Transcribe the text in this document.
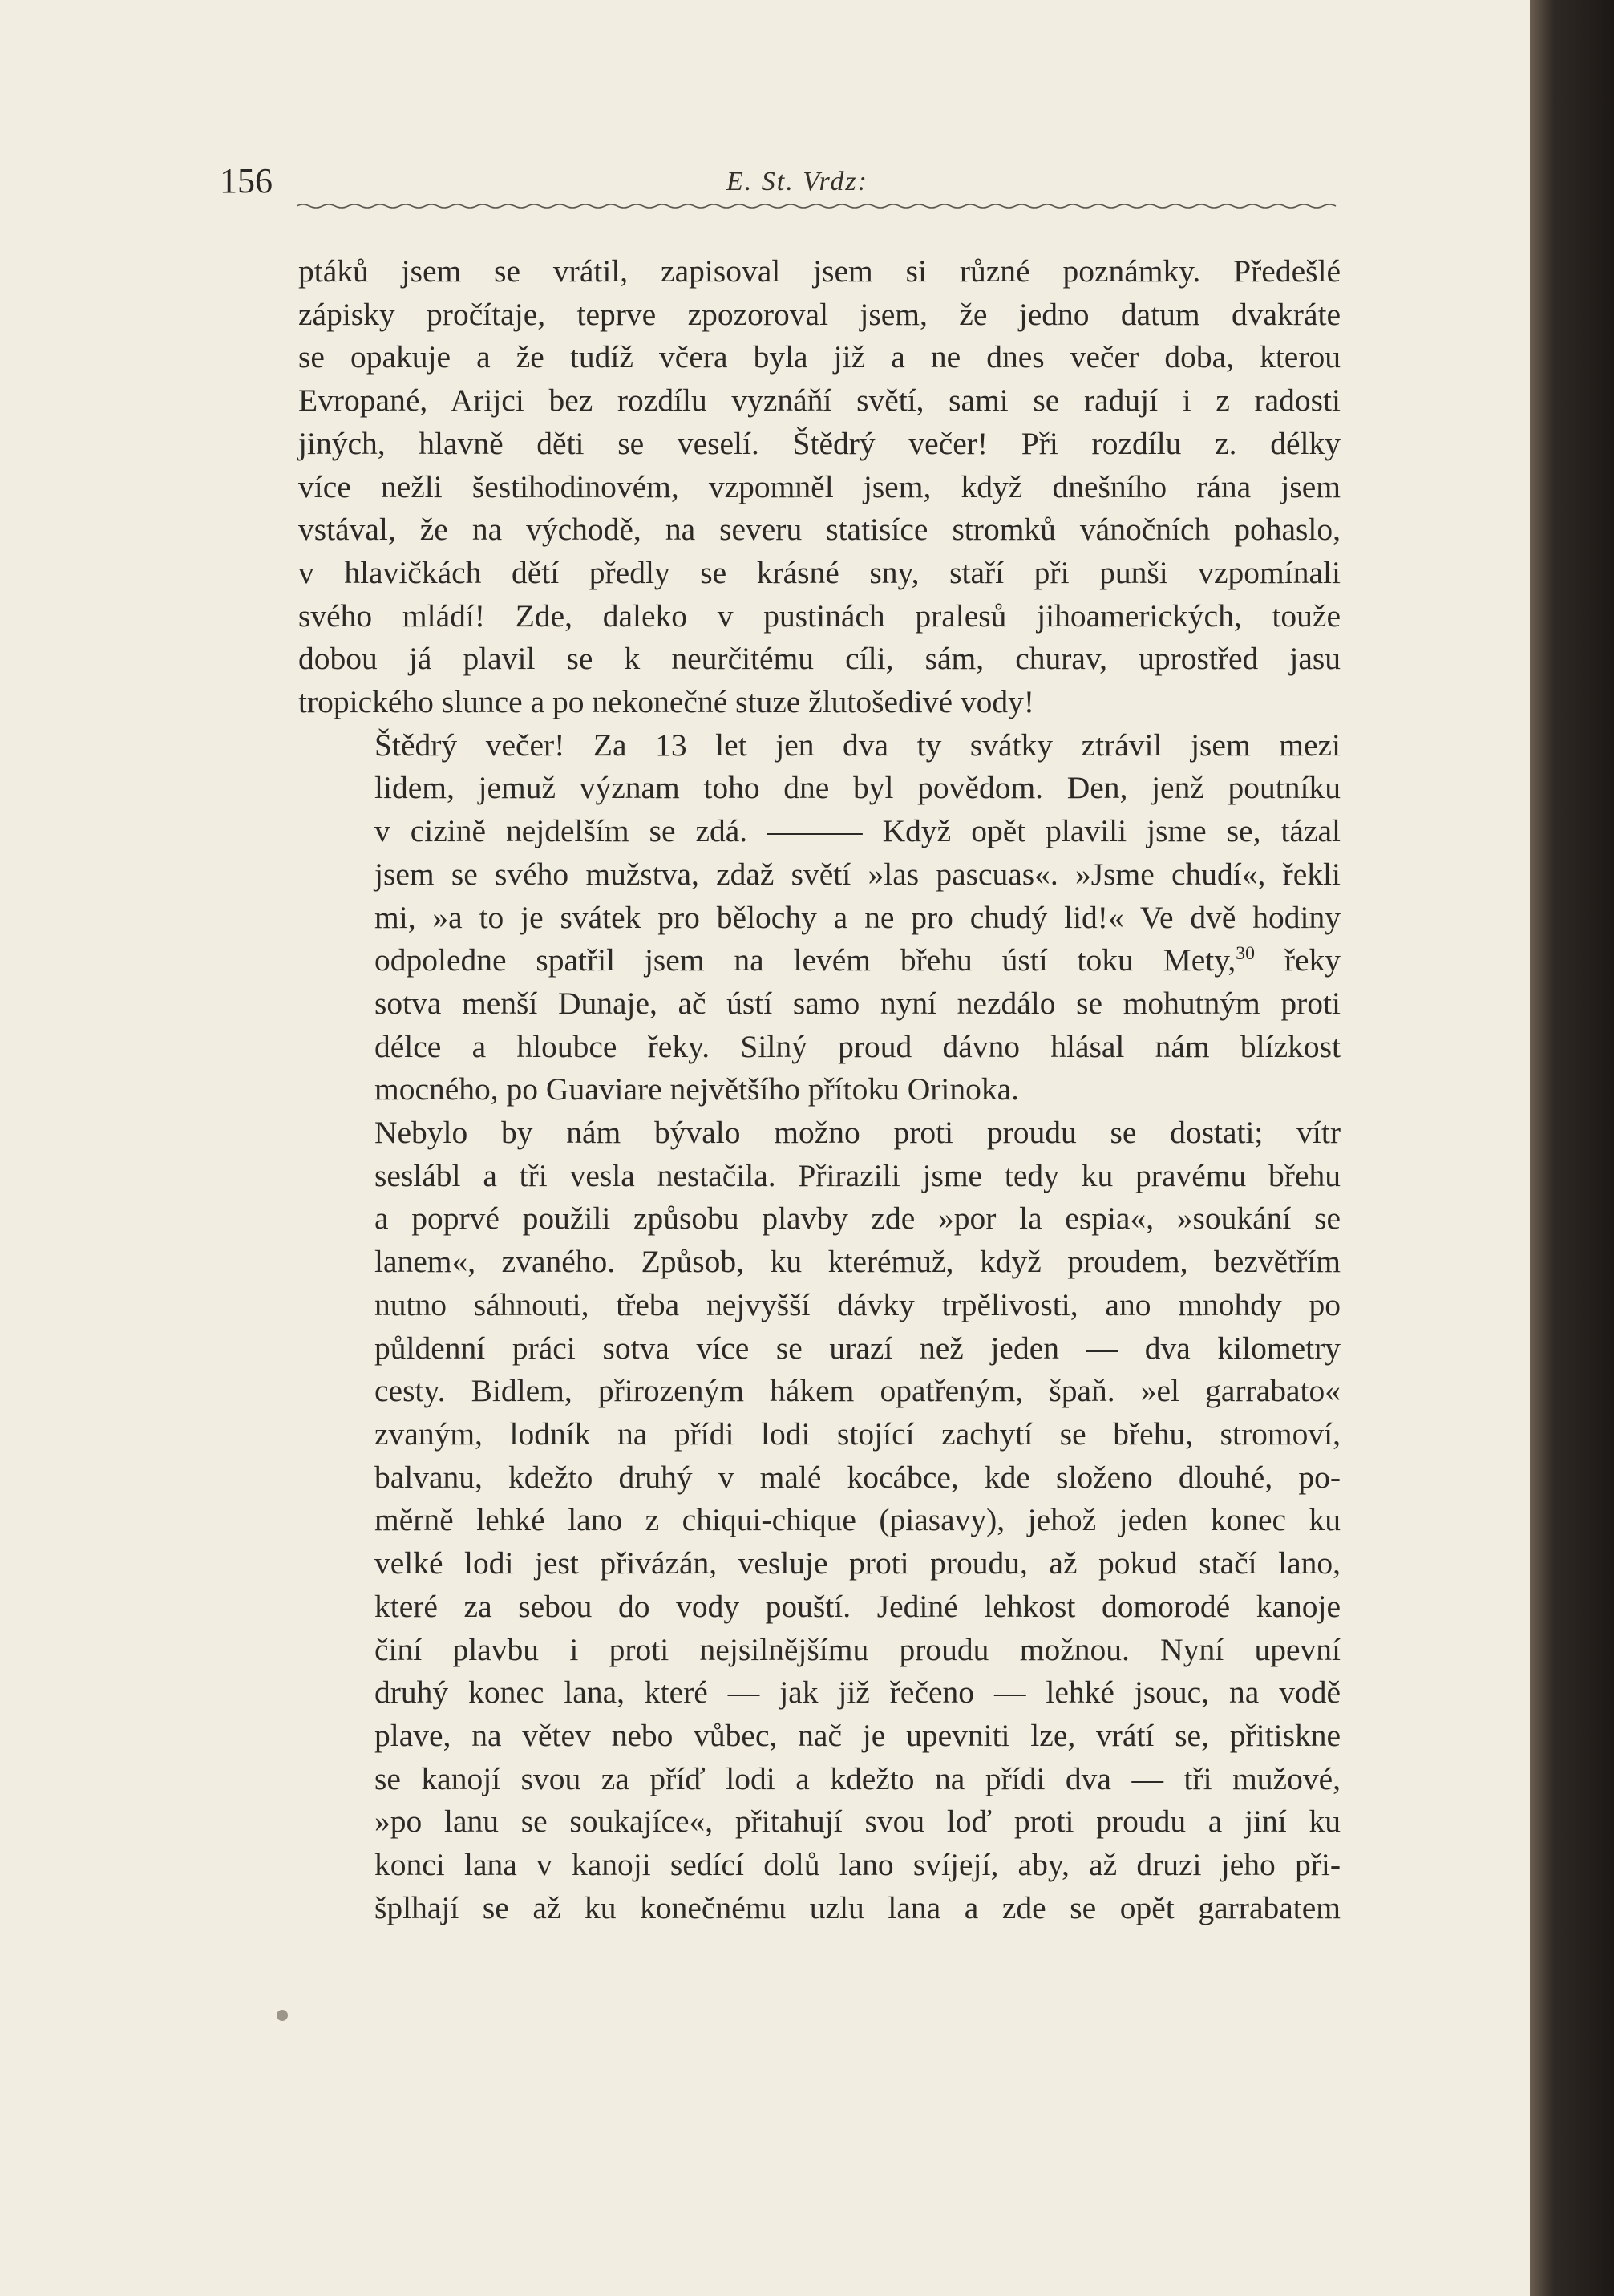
156	E. St. Vrdz:

ptáků jsem se vrátil, zapisoval jsem si různé poznámky. Předešlé
zápisky pročítaje, teprve zpozoroval jsem, že jedno datum dvakráte
se opakuje a že tudíž včera byla již a ne dnes večer doba, kterou
Evropané, Arijci bez rozdílu vyznáňí světí, sami se radují i z radosti
jiných, hlavně děti se veselí. Štědrý večer! Při rozdílu z. délky
více nežli šestihodinovém, vzpomněl jsem, když dnešního rána jsem
vstával, že na východě, na severu statisíce stromků vánočních pohaslo,
v hlavičkách dětí předly se krásné sny, staří při punši vzpomínali
svého mládí! Zde, daleko v pustinách pralesů jihoamerických, touže
dobou já plavil se k neurčitému cíli, sám, churav, uprostřed jasu
tropického slunce a po nekonečné stuze žlutošedivé vody!

Štědrý večer! Za 13 let jen dva ty svátky ztrávil jsem mezi
lidem, jemuž význam toho dne byl povědom. Den, jenž poutníku
v cizině nejdelším se zdá. ——— Když opět plavili jsme se, tázal
jsem se svého mužstva, zdaž světí »las pascuas«. »Jsme chudí«, řekli
mi, »a to je svátek pro bělochy a ne pro chudý lid!« Ve dvě hodiny
odpoledne spatřil jsem na levém břehu ústí toku Mety,$^{30}$ řeky
sotva menší Dunaje, ač ústí samo nyní nezdálo se mohutným proti
délce a hloubce řeky. Silný proud dávno hlásal nám blízkost
mocného, po Guaviare největšího přítoku Orinoka.

Nebylo by nám bývalo možno proti proudu se dostati; vítr
seslábl a tři vesla nestačila. Přirazili jsme tedy ku pravému břehu
a poprvé použili způsobu plavby zde »por la espia«, »soukání se
lanem«, zvaného. Způsob, ku kterémuž, když proudem, bezvětřím
nutno sáhnouti, třeba nejvyšší dávky trpělivosti, ano mnohdy po
půldenní práci sotva více se urazí než jeden — dva kilometry
cesty. Bidlem, přirozeným hákem opatřeným, špaň. »el garrabato«
zvaným, lodník na přídi lodi stojící zachytí se břehu, stromoví,
balvanu, kdežto druhý v malé kocábce, kde složeno dlouhé, po-
měrně lehké lano z chiqui-chique (piasavy), jehož jeden konec ku
velké lodi jest přivázán, vesluje proti proudu, až pokud stačí lano,
které za sebou do vody pouští. Jediné lehkost domorodé kanoje
činí plavbu i proti nejsilnějšímu proudu možnou. Nyní upevní
druhý konec lana, které — jak již řečeno — lehké jsouc, na vodě
plave, na větev nebo vůbec, nač je upevniti lze, vrátí se, přitiskne
se kanojí svou za příď lodi a kdežto na přídi dva — tři mužové,
»po lanu se soukajíce«, přitahují svou loď proti proudu a jiní ku
konci lana v kanoji sedící dolů lano svíjejí, aby, až druzi jeho při-
šplhají se až ku konečnému uzlu lana a zde se opět garrabatem
